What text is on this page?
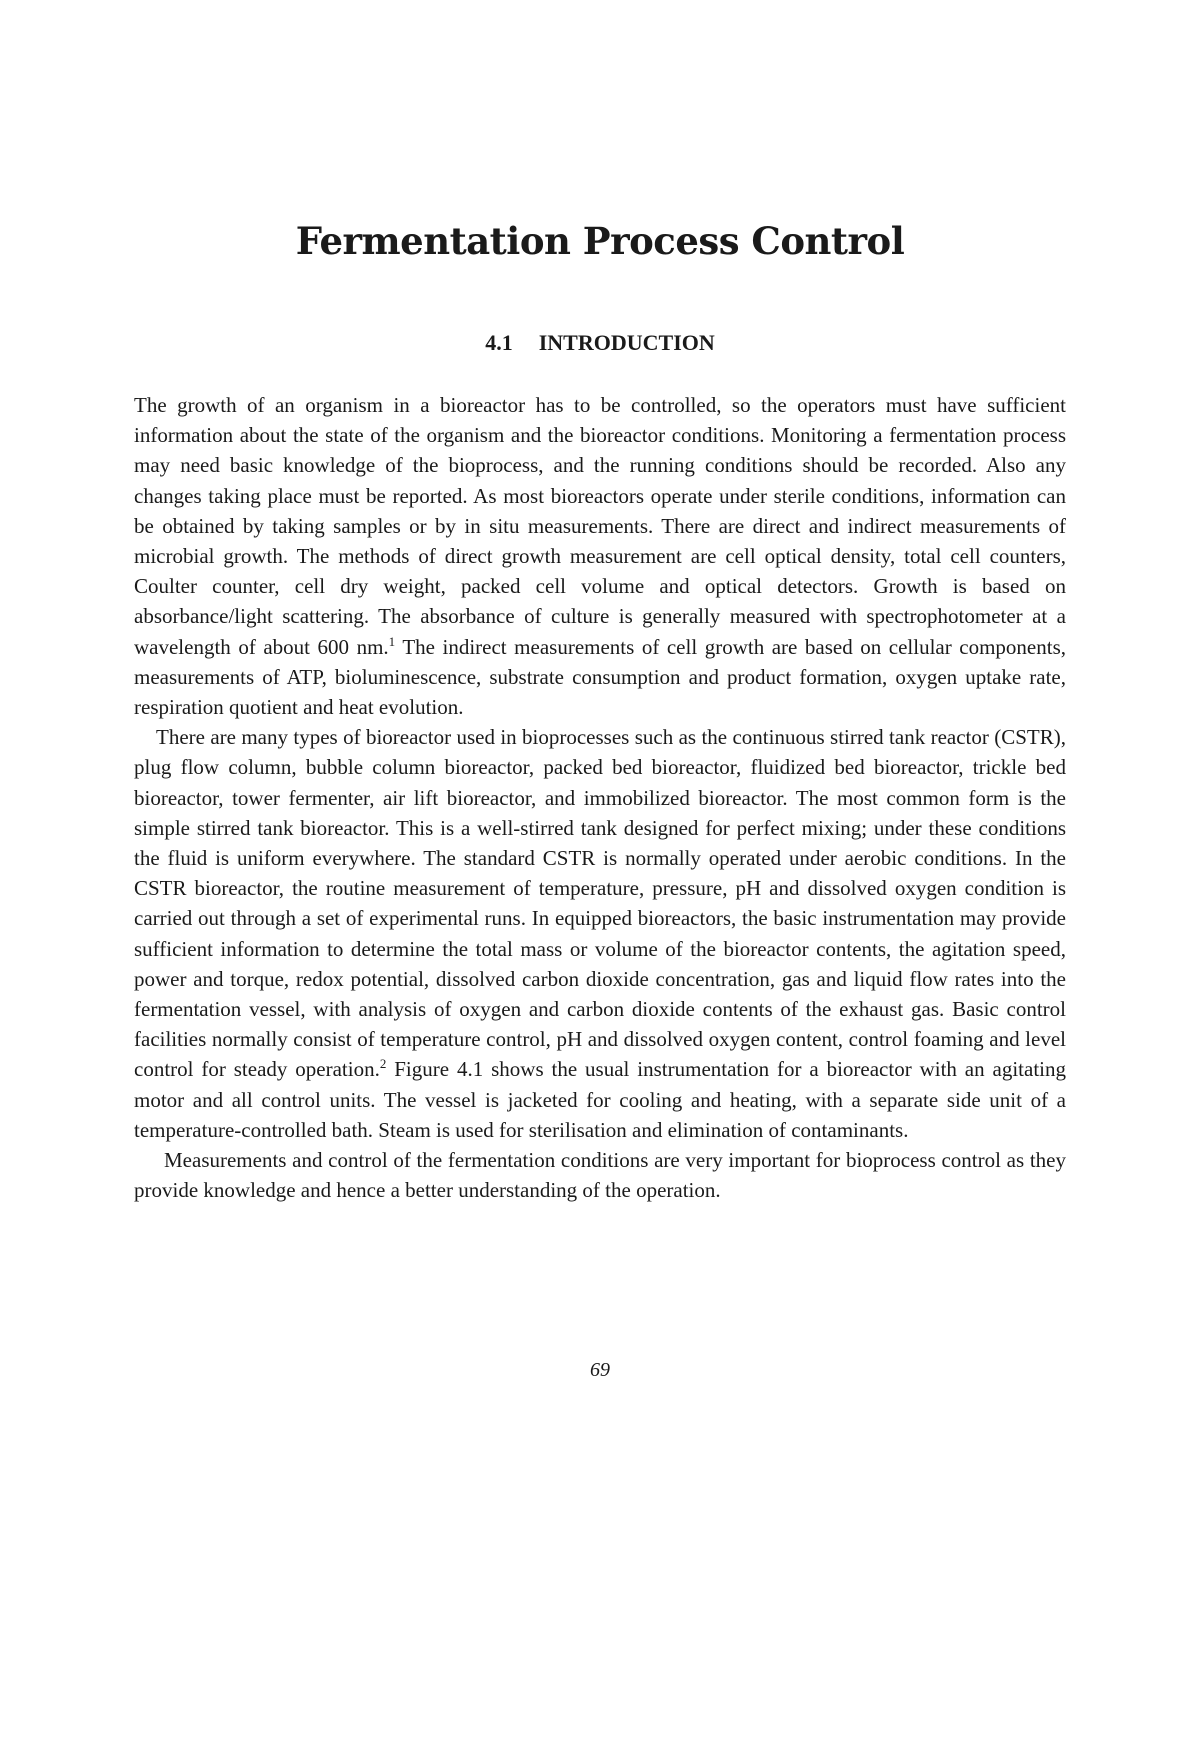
Fermentation Process Control
4.1 INTRODUCTION

The growth of an organism in a bioreactor has to be controlled, so the operators must have sufficient information about the state of the organism and the bioreactor conditions. Monitoring a fermentation process may need basic knowledge of the bioprocess, and the running conditions should be recorded. Also any changes taking place must be reported. As most bioreactors operate under sterile conditions, information can be obtained by taking samples or by in situ measurements. There are direct and indirect measurements of microbial growth. The methods of direct growth measurement are cell optical density, total cell counters, Coulter counter, cell dry weight, packed cell volume and optical detectors. Growth is based on absorbance/light scattering. The absorbance of culture is generally measured with spectrophotometer at a wavelength of about 600 nm.$^1$ The indirect measurements of cell growth are based on cellular components, measurements of ATP, bioluminescence, substrate consumption and product formation, oxygen uptake rate, respiration quotient and heat evolution.

There are many types of bioreactor used in bioprocesses such as the continuous stirred tank reactor (CSTR), plug flow column, bubble column bioreactor, packed bed bioreactor, fluidized bed bioreactor, trickle bed bioreactor, tower fermenter, air lift bioreactor, and immobilized bioreactor. The most common form is the simple stirred tank bioreactor. This is a well-stirred tank designed for perfect mixing; under these conditions the fluid is uniform everywhere. The standard CSTR is normally operated under aerobic conditions. In the CSTR bioreactor, the routine measurement of temperature, pressure, pH and dissolved oxygen condition is carried out through a set of experimental runs. In equipped bioreactors, the basic instrumentation may provide sufficient information to determine the total mass or volume of the bioreactor contents, the agitation speed, power and torque, redox potential, dissolved carbon dioxide concentration, gas and liquid flow rates into the fermentation vessel, with analysis of oxygen and carbon dioxide contents of the exhaust gas. Basic control facilities normally consist of temperature control, pH and dissolved oxygen content, control foaming and level control for steady operation.$^2$ Figure 4.1 shows the usual instrumentation for a bioreactor with an agitating motor and all control units. The vessel is jacketed for cooling and heating, with a separate side unit of a temperature-controlled bath. Steam is used for sterilisation and elimination of contaminants.

Measurements and control of the fermentation conditions are very important for bioprocess control as they provide knowledge and hence a better understanding of the operation.

69
